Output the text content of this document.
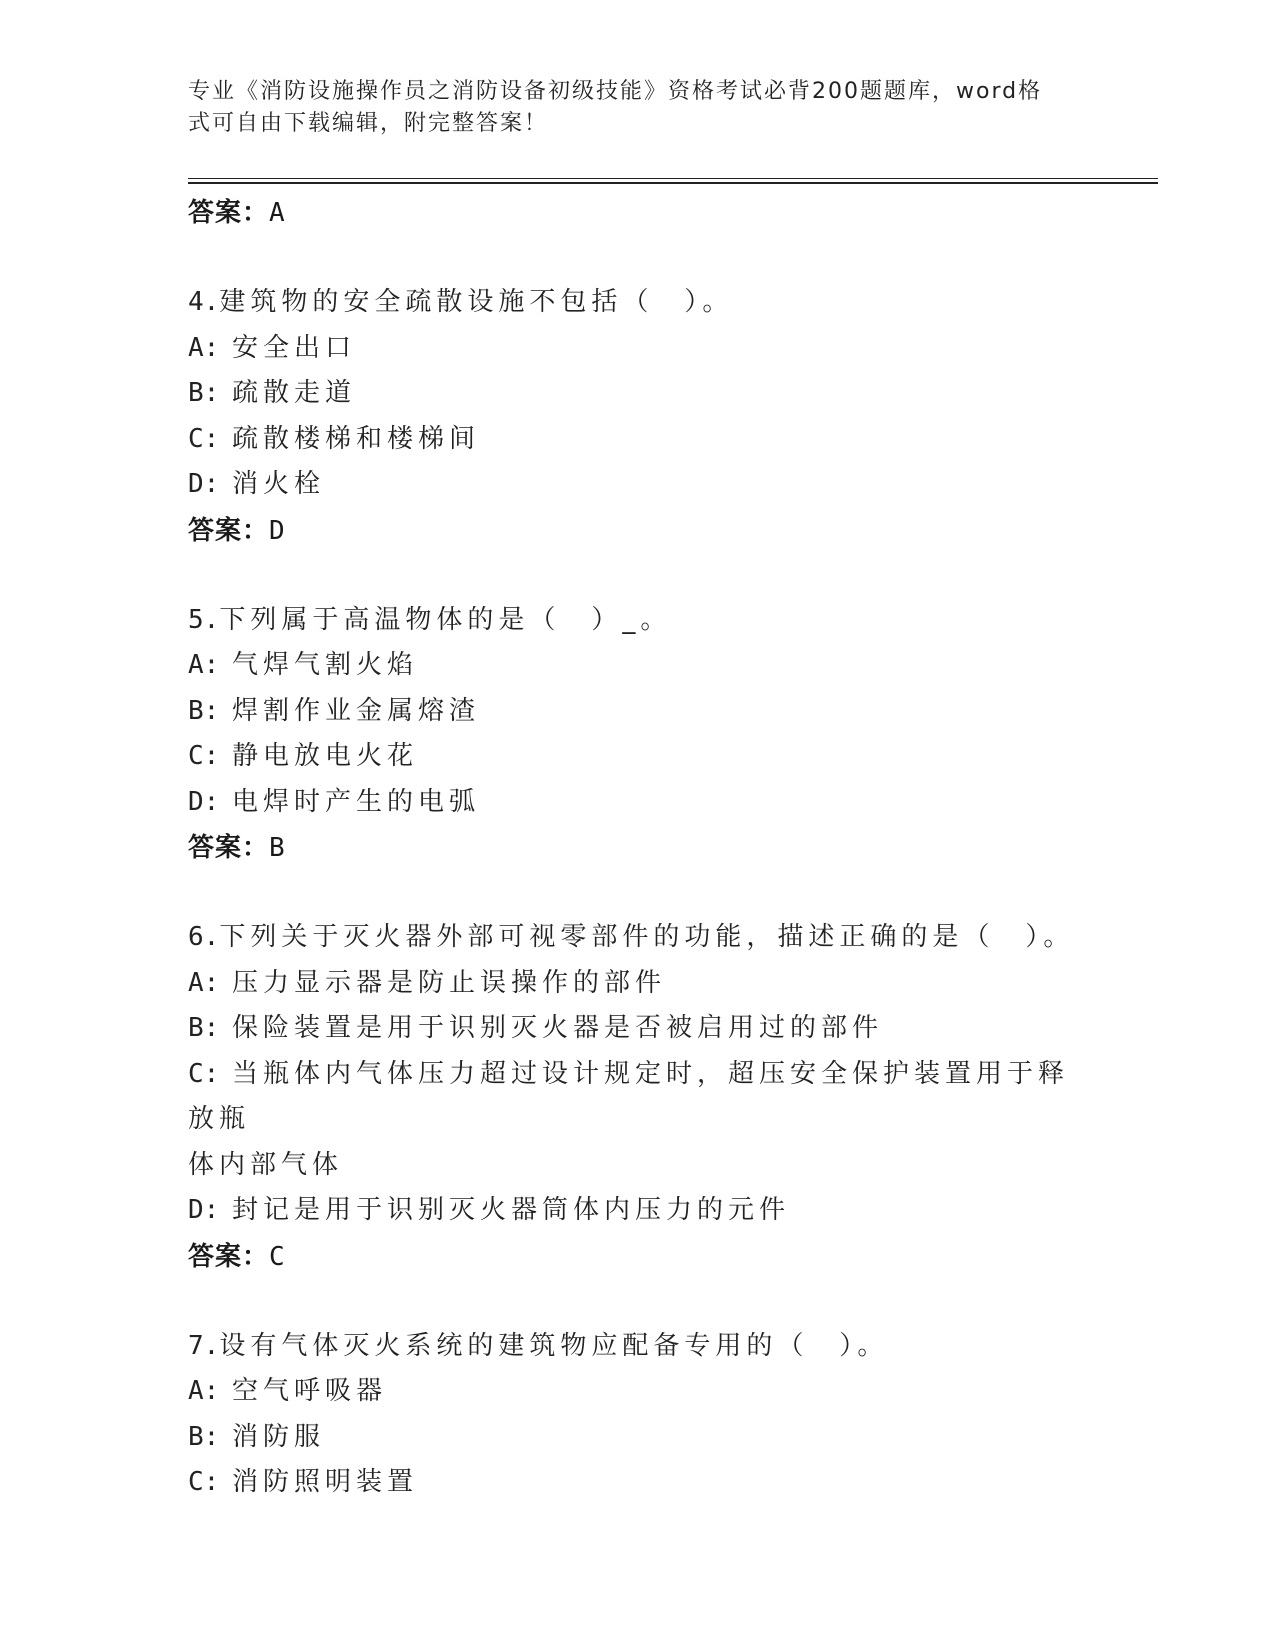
专业《消防设施操作员之消防设备初级技能》资格考试必背200题题库，word格
式可自由下载编辑，附完整答案！
答案：A
4.建筑物的安全疏散设施不包括（　）。
A: 安全出口
B: 疏散走道
C: 疏散楼梯和楼梯间
D: 消火栓
答案：D
5.下列属于高温物体的是（　）_。
A: 气焊气割火焰
B: 焊割作业金属熔渣
C: 静电放电火花
D: 电焊时产生的电弧
答案：B
6.下列关于灭火器外部可视零部件的功能，描述正确的是（　）。
A: 压力显示器是防止误操作的部件
B: 保险装置是用于识别灭火器是否被启用过的部件
C: 当瓶体内气体压力超过设计规定时，超压安全保护装置用于释放瓶
体内部气体
D: 封记是用于识别灭火器筒体内压力的元件
答案：C
7.设有气体灭火系统的建筑物应配备专用的（　）。
A: 空气呼吸器
B: 消防服
C: 消防照明装置
